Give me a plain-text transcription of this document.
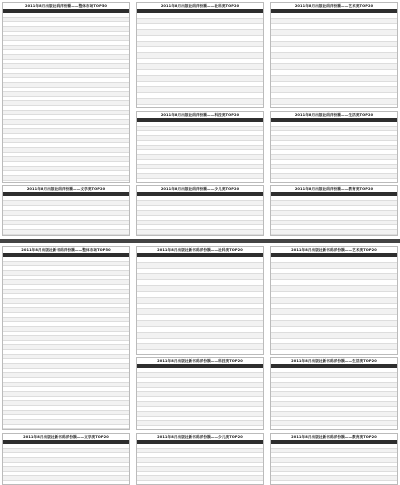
2011年8月出版社码洋份额——整体市场TOP50	2011年8月出版社码洋份额——社科类TOP20	2011年8月出版社码洋份额——艺术类TOP20
2011年8月出版社码洋份额——科技类TOP20	2011年8月出版社码洋份额——生活类TOP20
2011年8月出版社码洋份额——文学类TOP20	2011年8月出版社码洋份额——少儿类TOP20	2011年8月出版社码洋份额——教育类TOP20
2011年8月出版社新书码洋份额——整体市场TOP50	2011年8月出版社新书码洋份额——社科类TOP20	2011年8月出版社新书码洋份额——艺术类TOP20
2011年8月出版社新书码洋份额——科技类TOP20	2011年8月出版社新书码洋份额——生活类TOP20
2011年8月出版社新书码洋份额——文学类TOP20	2011年8月出版社新书码洋份额——少儿类TOP20	2011年8月出版社新书码洋份额——教育类TOP20
